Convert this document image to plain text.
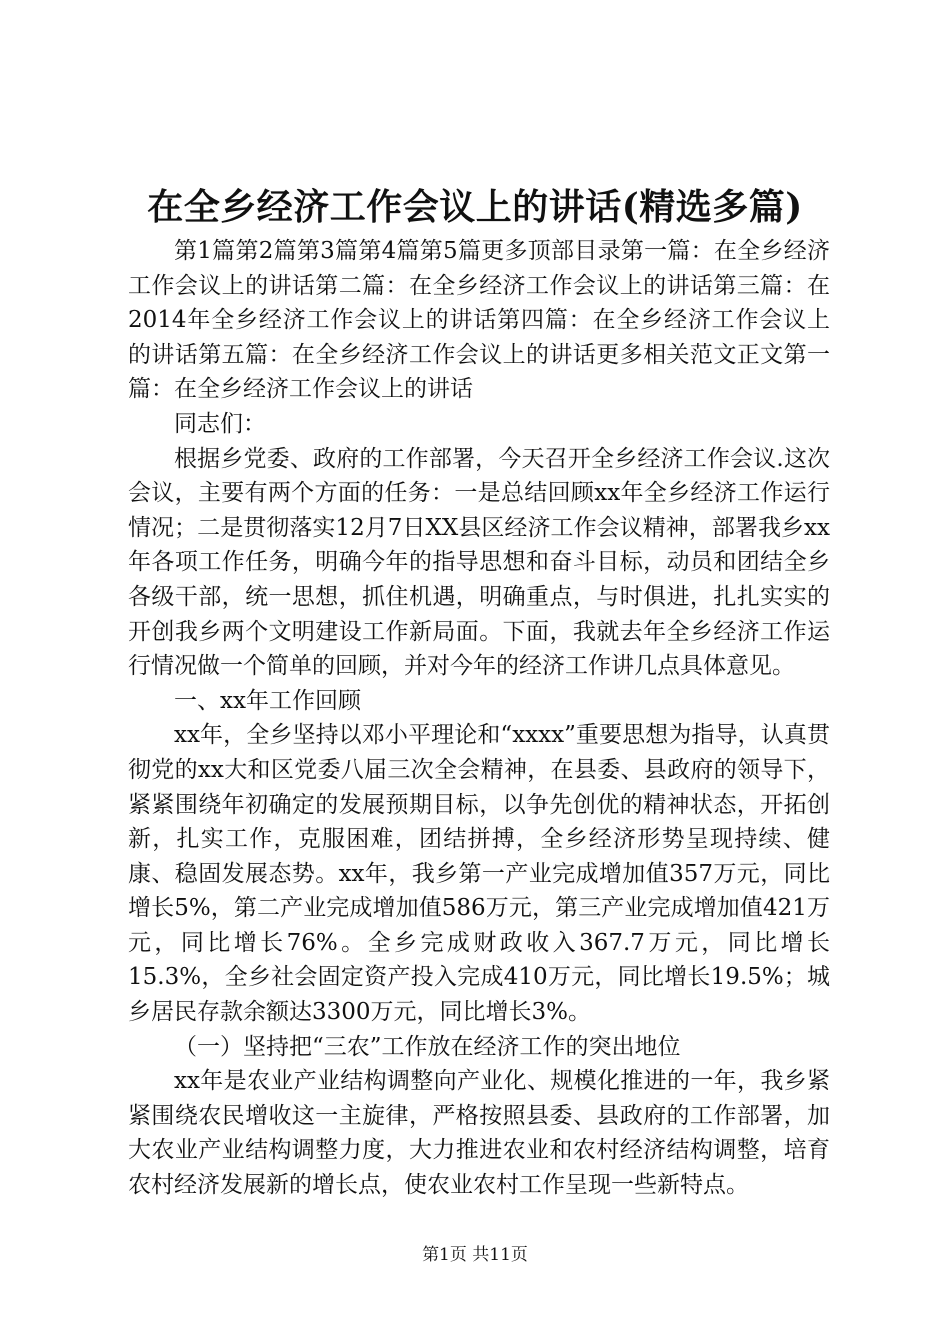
在全乡经济工作会议上的讲话(精选多篇)

第1篇第2篇第3篇第4篇第5篇更多顶部目录第一篇：在全乡经济工作会议上的讲话第二篇：在全乡经济工作会议上的讲话第三篇：在2014年全乡经济工作会议上的讲话第四篇：在全乡经济工作会议上的讲话第五篇：在全乡经济工作会议上的讲话更多相关范文正文第一篇：在全乡经济工作会议上的讲话

同志们：

根据乡党委、政府的工作部署，今天召开全乡经济工作会议.这次会议，主要有两个方面的任务：一是总结回顾xx年全乡经济工作运行情况；二是贯彻落实12月7日XX县区经济工作会议精神，部署我乡xx年各项工作任务，明确今年的指导思想和奋斗目标，动员和团结全乡各级干部，统一思想，抓住机遇，明确重点，与时俱进，扎扎实实的开创我乡两个文明建设工作新局面。下面，我就去年全乡经济工作运行情况做一个简单的回顾，并对今年的经济工作讲几点具体意见。

一、xx年工作回顾

xx年，全乡坚持以邓小平理论和“xxxx”重要思想为指导，认真贯彻党的xx大和区党委八届三次全会精神，在县委、县政府的领导下，紧紧围绕年初确定的发展预期目标，以争先创优的精神状态，开拓创新，扎实工作，克服困难，团结拼搏，全乡经济形势呈现持续、健康、稳固发展态势。xx年，我乡第一产业完成增加值357万元，同比增长5%，第二产业完成增加值586万元，第三产业完成增加值421万元，同比增长76%。全乡完成财政收入367.7万元，同比增长15.3%，全乡社会固定资产投入完成410万元，同比增长19.5%；城乡居民存款余额达3300万元，同比增长3%。

（一）坚持把“三农”工作放在经济工作的突出地位

xx年是农业产业结构调整向产业化、规模化推进的一年，我乡紧紧围绕农民增收这一主旋律，严格按照县委、县政府的工作部署，加大农业产业结构调整力度，大力推进农业和农村经济结构调整，培育农村经济发展新的增长点，使农业农村工作呈现一些新特点。

第1页 共11页
